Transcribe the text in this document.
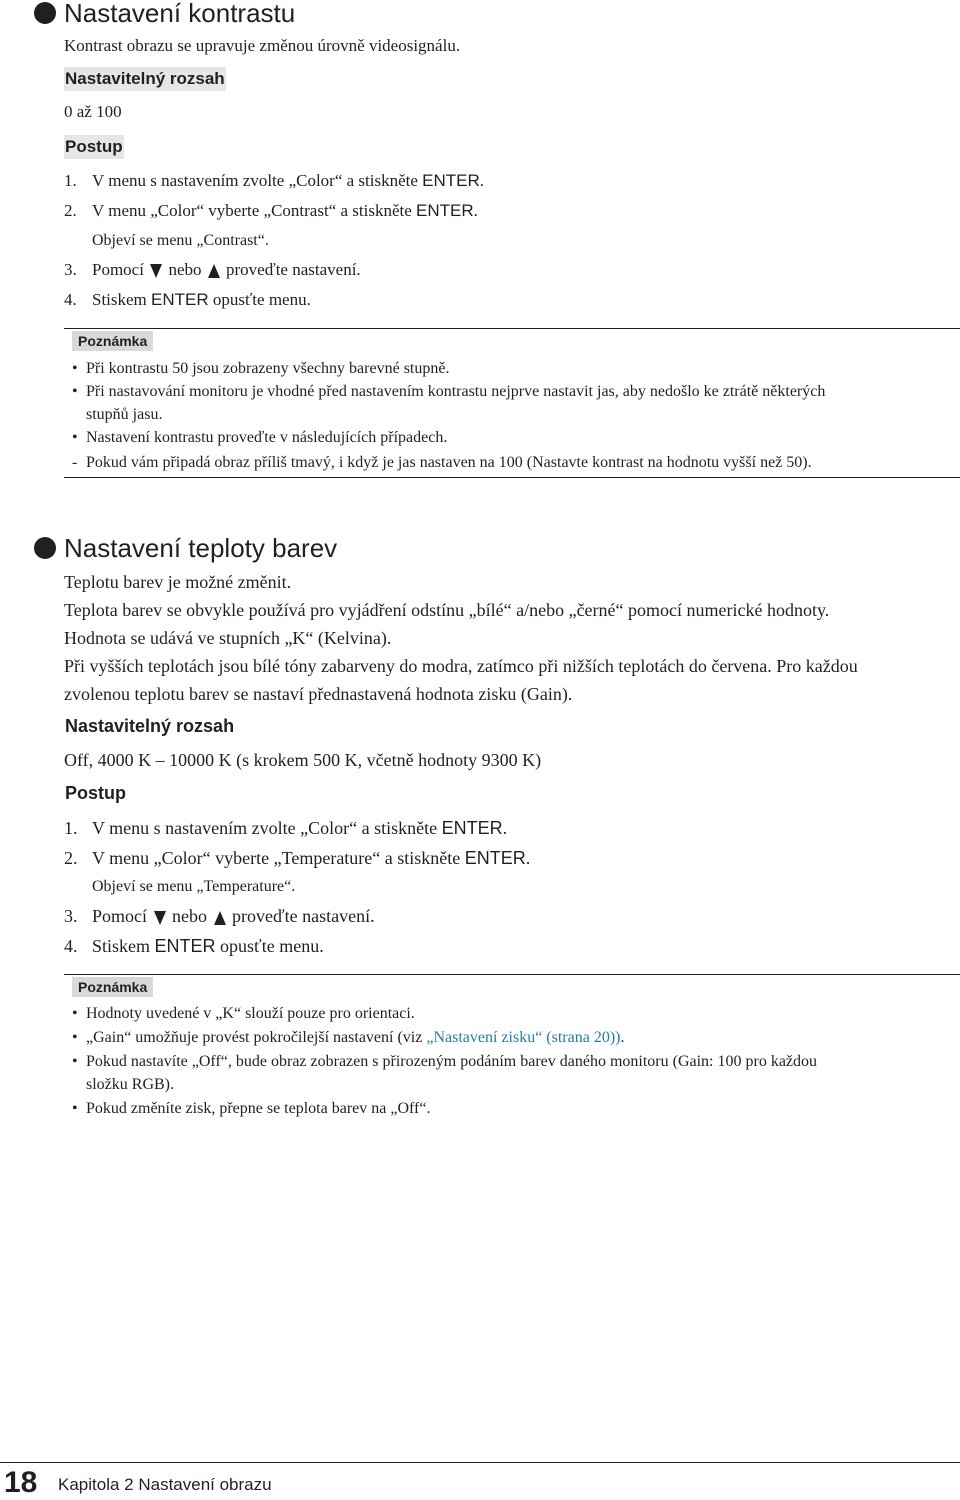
Nastavení kontrastu
Kontrast obrazu se upravuje změnou úrovně videosignálu.
Nastavitelný rozsah
0 až 100
Postup
1. V menu s nastavením zvolte „Color“ a stiskněte ENTER.
2. V menu „Color“ vyberte „Contrast“ a stiskněte ENTER.
Objeví se menu „Contrast“.
3. Pomocí  nebo  proveďte nastavení.
4. Stiskem ENTER opusťte menu.
Poznámka
• Při kontrastu 50 jsou zobrazeny všechny barevné stupně.
• Při nastavování monitoru je vhodné před nastavením kontrastu nejprve nastavit jas, aby nedošlo ke ztrátě některých
stupňů jasu.
• Nastavení kontrastu proveďte v následujících případech.
- Pokud vám připadá obraz příliš tmavý, i když je jas nastaven na 100 (Nastavte kontrast na hodnotu vyšší než 50).
Nastavení teploty barev
Teplotu barev je možné změnit.
Teplota barev se obvykle používá pro vyjádření odstínu „bílé“ a/nebo „černé“ pomocí numerické hodnoty.
Hodnota se udává ve stupních „K“ (Kelvina).
Při vyšších teplotách jsou bílé tóny zabarveny do modra, zatímco při nižších teplotách do červena. Pro každou
zvolenou teplotu barev se nastaví přednastavená hodnota zisku (Gain).
Nastavitelný rozsah
Off, 4000 K – 10000 K (s krokem 500 K, včetně hodnoty 9300 K)
Postup
1. V menu s nastavením zvolte „Color“ a stiskněte ENTER.
2. V menu „Color“ vyberte „Temperature“ a stiskněte ENTER.
Objeví se menu „Temperature“.
3. Pomocí  nebo  proveďte nastavení.
4. Stiskem ENTER opusťte menu.
Poznámka
• Hodnoty uvedené v „K“ slouží pouze pro orientaci.
• „Gain“ umožňuje provést pokročilejší nastavení (viz „Nastavení zisku“ (strana 20)).
• Pokud nastavíte „Off“, bude obraz zobrazen s přirozeným podáním barev daného monitoru (Gain: 100 pro každou
složku RGB).
• Pokud změníte zisk, přepne se teplota barev na „Off“.
18 Kapitola 2 Nastavení obrazu
